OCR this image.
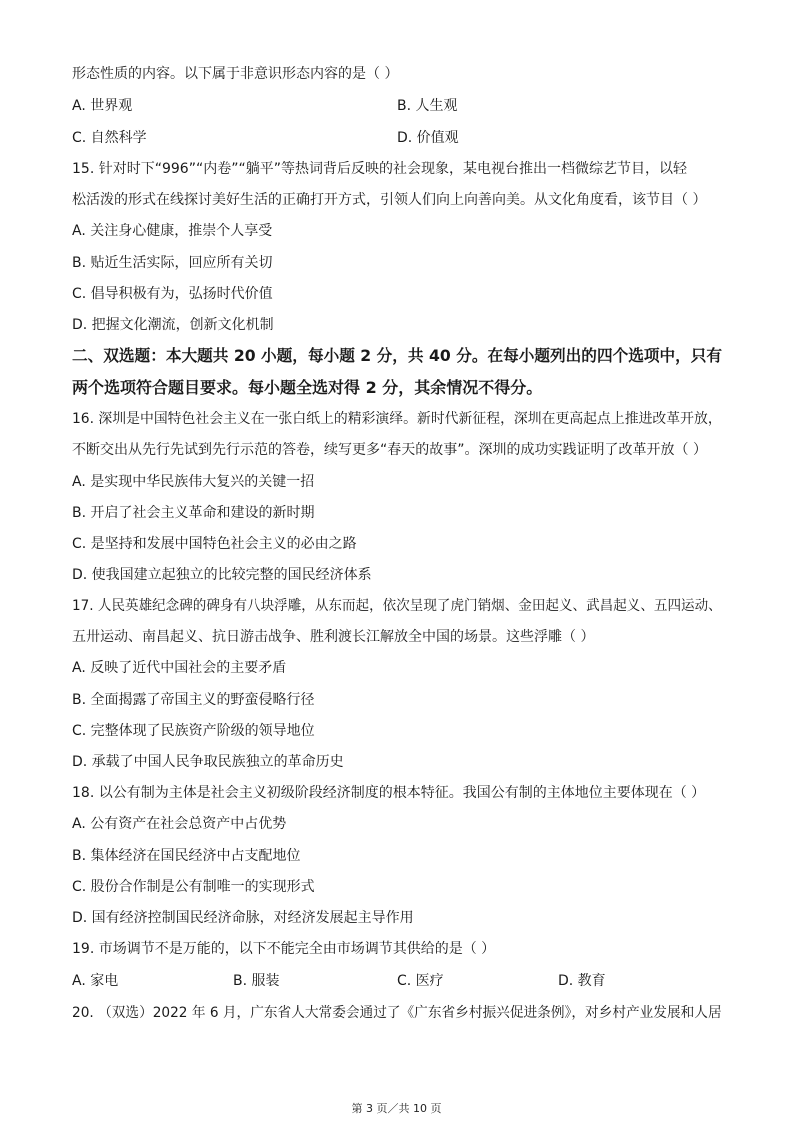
形态性质的内容。以下属于非意识形态内容的是（ ）
A. 世界观	B. 人生观
C. 自然科学	D. 价值观
15. 针对时下“996”“内卷”“躺平”等热词背后反映的社会现象，某电视台推出一档微综艺节目，以轻
松活泼的形式在线探讨美好生活的正确打开方式，引领人们向上向善向美。从文化角度看，该节目（ ）
A. 关注身心健康，推崇个人享受
B. 贴近生活实际，回应所有关切
C. 倡导积极有为，弘扬时代价值
D. 把握文化潮流，创新文化机制
二、双选题：本大题共 20 小题，每小题 2 分，共 40 分。在每小题列出的四个选项中，只有
两个选项符合题目要求。每小题全选对得 2 分，其余情况不得分。
16. 深圳是中国特色社会主义在一张白纸上的精彩演绎。新时代新征程，深圳在更高起点上推进改革开放，
不断交出从先行先试到先行示范的答卷，续写更多“春天的故事”。深圳的成功实践证明了改革开放（ ）
A. 是实现中华民族伟大复兴的关键一招
B. 开启了社会主义革命和建设的新时期
C. 是坚持和发展中国特色社会主义的必由之路
D. 使我国建立起独立的比较完整的国民经济体系
17. 人民英雄纪念碑的碑身有八块浮雕，从东而起，依次呈现了虎门销烟、金田起义、武昌起义、五四运动、
五卅运动、南昌起义、抗日游击战争、胜利渡长江解放全中国的场景。这些浮雕（ ）
A. 反映了近代中国社会的主要矛盾
B. 全面揭露了帝国主义的野蛮侵略行径
C. 完整体现了民族资产阶级的领导地位
D. 承载了中国人民争取民族独立的革命历史
18. 以公有制为主体是社会主义初级阶段经济制度的根本特征。我国公有制的主体地位主要体现在（ ）
A. 公有资产在社会总资产中占优势
B. 集体经济在国民经济中占支配地位
C. 股份合作制是公有制唯一的实现形式
D. 国有经济控制国民经济命脉，对经济发展起主导作用
19. 市场调节不是万能的，以下不能完全由市场调节其供给的是（ ）
A. 家电	B. 服装	C. 医疗	D. 教育
20. （双选）2022 年 6 月，广东省人大常委会通过了《广东省乡村振兴促进条例》，对乡村产业发展和人居
第 3 页／共 10 页
